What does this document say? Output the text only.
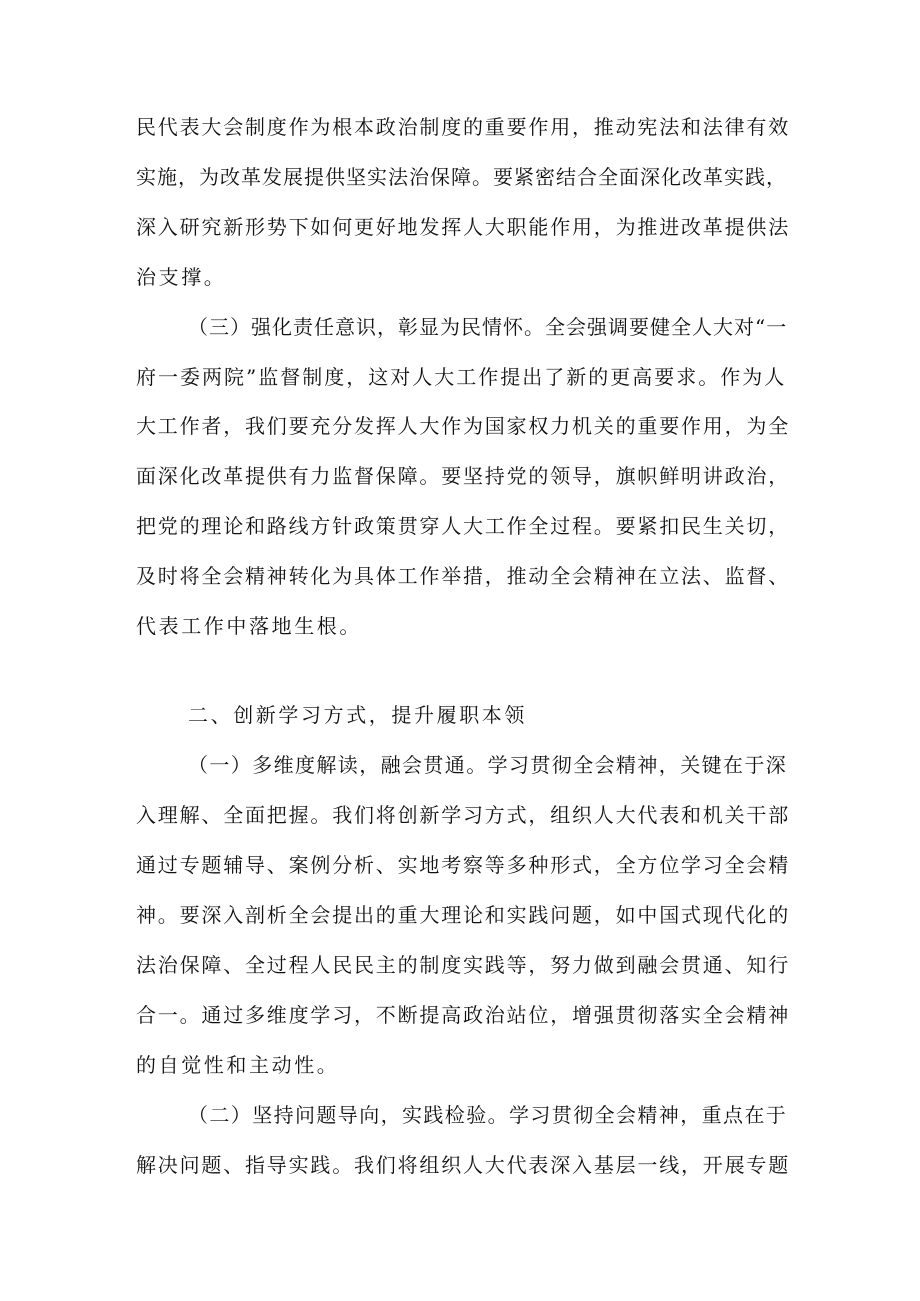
民代表大会制度作为根本政治制度的重要作用，推动宪法和法律有效
实施，为改革发展提供坚实法治保障。要紧密结合全面深化改革实践，
深入研究新形势下如何更好地发挥人大职能作用，为推进改革提供法
治支撑。
（三）强化责任意识，彰显为民情怀。全会强调要健全人大对“一
府一委两院”监督制度，这对人大工作提出了新的更高要求。作为人
大工作者，我们要充分发挥人大作为国家权力机关的重要作用，为全
面深化改革提供有力监督保障。要坚持党的领导，旗帜鲜明讲政治，
把党的理论和路线方针政策贯穿人大工作全过程。要紧扣民生关切，
及时将全会精神转化为具体工作举措，推动全会精神在立法、监督、
代表工作中落地生根。
二、创新学习方式，提升履职本领
（一）多维度解读，融会贯通。学习贯彻全会精神，关键在于深
入理解、全面把握。我们将创新学习方式，组织人大代表和机关干部
通过专题辅导、案例分析、实地考察等多种形式，全方位学习全会精
神。要深入剖析全会提出的重大理论和实践问题，如中国式现代化的
法治保障、全过程人民民主的制度实践等，努力做到融会贯通、知行
合一。通过多维度学习，不断提高政治站位，增强贯彻落实全会精神
的自觉性和主动性。
（二）坚持问题导向，实践检验。学习贯彻全会精神，重点在于
解决问题、指导实践。我们将组织人大代表深入基层一线，开展专题
